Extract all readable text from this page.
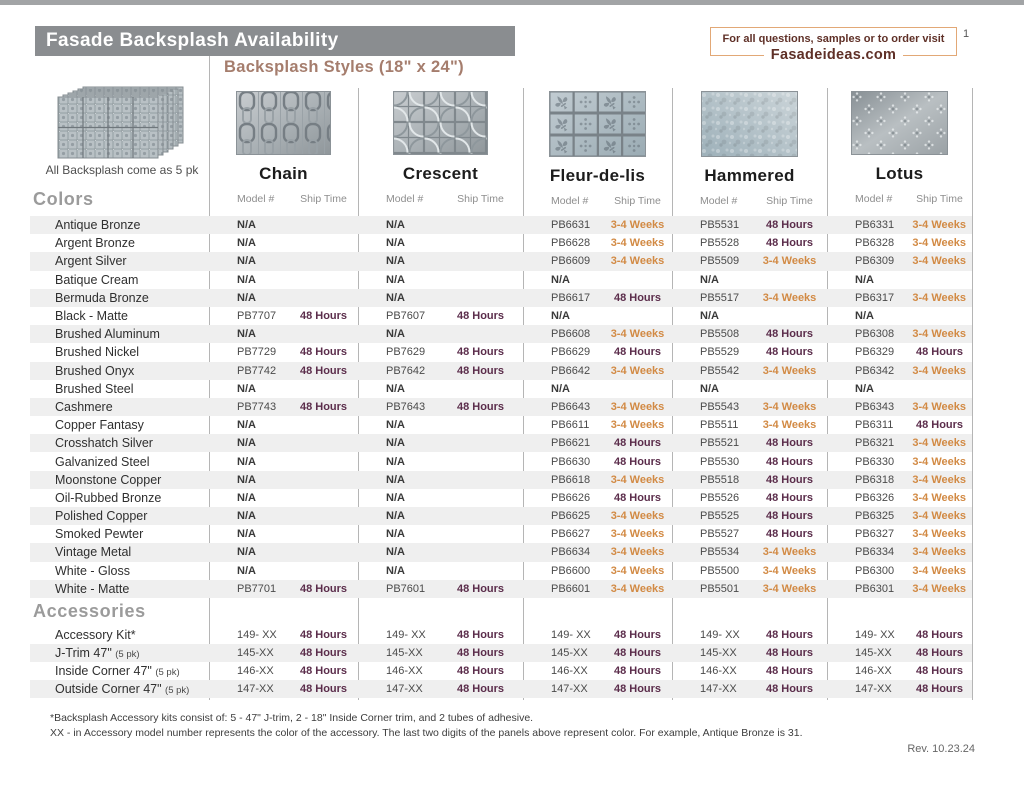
Fasade Backsplash Availability	1
For all questions, samples or to order visit
Fasadeideas.com
Backsplash Styles (18" x 24")
All Backsplash come as 5 pk	Chain
Model #	Ship Time
Crescent
Model #	Ship Time
Fleur-de-lis
Model #	Ship Time
Hammered
Model #	Ship Time
Lotus
Model #	Ship Time
Colors
Antique Bronze	N/A	N/A	PB6631	3-4 Weeks	PB5531	48 Hours	PB6331	3-4 Weeks
Argent Bronze	N/A	N/A	PB6628	3-4 Weeks	PB5528	48 Hours	PB6328	3-4 Weeks
Argent Silver	N/A	N/A	PB6609	3-4 Weeks	PB5509	3-4 Weeks	PB6309	3-4 Weeks
Batique Cream	N/A	N/A	N/A	N/A	N/A
Bermuda Bronze	N/A	N/A	PB6617	48 Hours	PB5517	3-4 Weeks	PB6317	3-4 Weeks
Black - Matte	PB7707	48 Hours	PB7607	48 Hours	N/A	N/A	N/A
Brushed Aluminum	N/A	N/A	PB6608	3-4 Weeks	PB5508	48 Hours	PB6308	3-4 Weeks
Brushed Nickel	PB7729	48 Hours	PB7629	48 Hours	PB6629	48 Hours	PB5529	48 Hours	PB6329	48 Hours
Brushed Onyx	PB7742	48 Hours	PB7642	48 Hours	PB6642	3-4 Weeks	PB5542	3-4 Weeks	PB6342	3-4 Weeks
Brushed Steel	N/A	N/A	N/A	N/A	N/A
Cashmere	PB7743	48 Hours	PB7643	48 Hours	PB6643	3-4 Weeks	PB5543	3-4 Weeks	PB6343	3-4 Weeks
Copper Fantasy	N/A	N/A	PB6611	3-4 Weeks	PB5511	3-4 Weeks	PB6311	48 Hours
Crosshatch Silver	N/A	N/A	PB6621	48 Hours	PB5521	48 Hours	PB6321	3-4 Weeks
Galvanized Steel	N/A	N/A	PB6630	48 Hours	PB5530	48 Hours	PB6330	3-4 Weeks
Moonstone Copper	N/A	N/A	PB6618	3-4 Weeks	PB5518	48 Hours	PB6318	3-4 Weeks
Oil-Rubbed Bronze	N/A	N/A	PB6626	48 Hours	PB5526	48 Hours	PB6326	3-4 Weeks
Polished Copper	N/A	N/A	PB6625	3-4 Weeks	PB5525	48 Hours	PB6325	3-4 Weeks
Smoked Pewter	N/A	N/A	PB6627	3-4 Weeks	PB5527	48 Hours	PB6327	3-4 Weeks
Vintage Metal	N/A	N/A	PB6634	3-4 Weeks	PB5534	3-4 Weeks	PB6334	3-4 Weeks
White - Gloss	N/A	N/A	PB6600	3-4 Weeks	PB5500	3-4 Weeks	PB6300	3-4 Weeks
White - Matte	PB7701	48 Hours	PB7601	48 Hours	PB6601	3-4 Weeks	PB5501	3-4 Weeks	PB6301	3-4 Weeks
Accessories
Accessory Kit*	149- XX	48 Hours	149- XX	48 Hours	149- XX	48 Hours	149- XX	48 Hours	149- XX	48 Hours
J-Trim 47" (5 pk)	145-XX	48 Hours	145-XX	48 Hours	145-XX	48 Hours	145-XX	48 Hours	145-XX	48 Hours
Inside Corner 47" (5 pk)	146-XX	48 Hours	146-XX	48 Hours	146-XX	48 Hours	146-XX	48 Hours	146-XX	48 Hours
Outside Corner 47" (5 pk)	147-XX	48 Hours	147-XX	48 Hours	147-XX	48 Hours	147-XX	48 Hours	147-XX	48 Hours
*Backsplash Accessory kits consist of: 5 - 47" J-trim, 2 - 18" Inside Corner trim, and 2 tubes of adhesive.
XX - in Accessory model number represents the color of the accessory. The last two digits of the panels above represent color. For example, Antique Bronze is 31.
Rev. 10.23.24
